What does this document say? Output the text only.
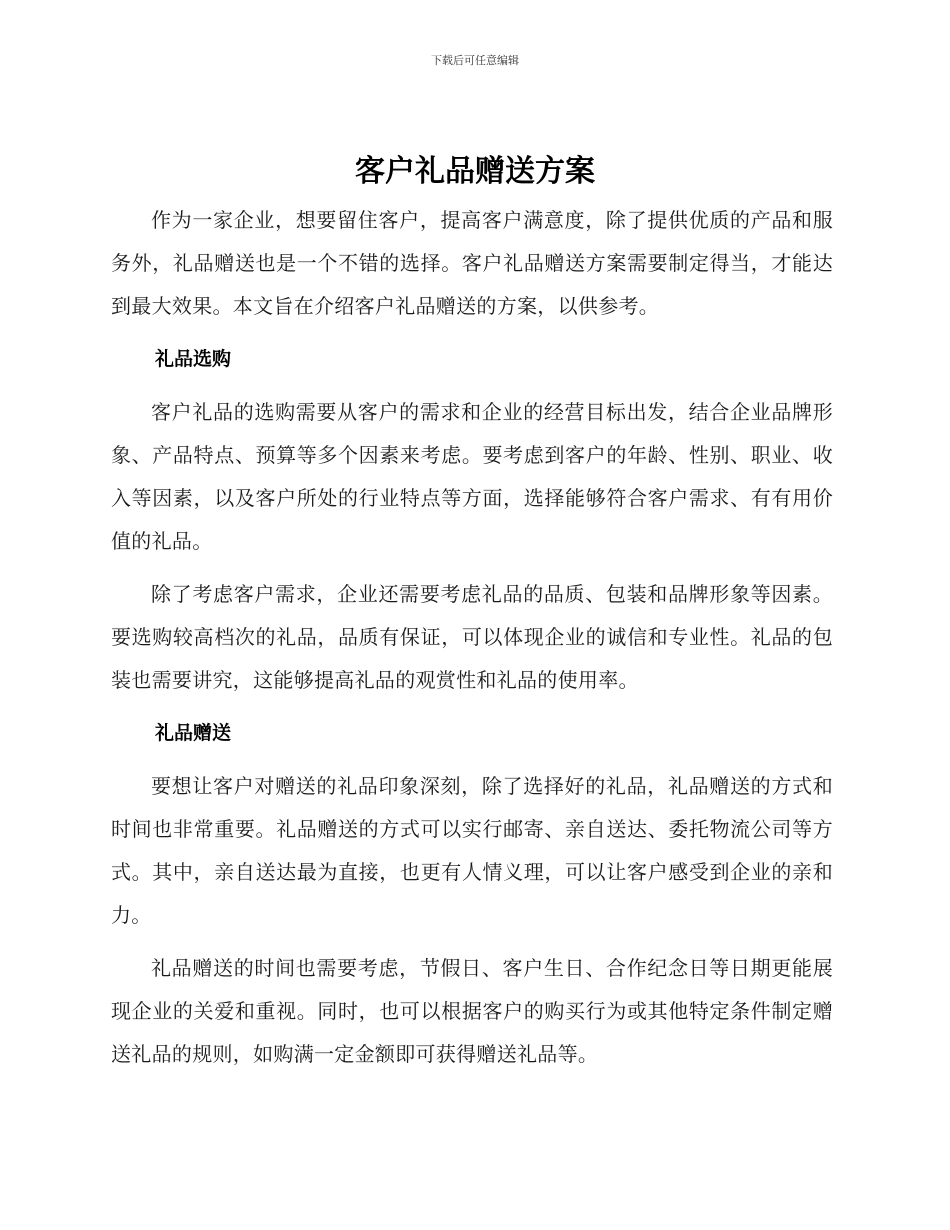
下载后可任意编辑
客户礼品赠送方案

作为一家企业，想要留住客户，提高客户满意度，除了提供优质的产品和服务外，礼品赠送也是一个不错的选择。客户礼品赠送方案需要制定得当，才能达到最大效果。本文旨在介绍客户礼品赠送的方案，以供参考。

礼品选购

客户礼品的选购需要从客户的需求和企业的经营目标出发，结合企业品牌形象、产品特点、预算等多个因素来考虑。要考虑到客户的年龄、性别、职业、收入等因素，以及客户所处的行业特点等方面，选择能够符合客户需求、有有用价值的礼品。

除了考虑客户需求，企业还需要考虑礼品的品质、包装和品牌形象等因素。要选购较高档次的礼品，品质有保证，可以体现企业的诚信和专业性。礼品的包装也需要讲究，这能够提高礼品的观赏性和礼品的使用率。

礼品赠送

要想让客户对赠送的礼品印象深刻，除了选择好的礼品，礼品赠送的方式和时间也非常重要。礼品赠送的方式可以实行邮寄、亲自送达、委托物流公司等方式。其中，亲自送达最为直接，也更有人情义理，可以让客户感受到企业的亲和力。

礼品赠送的时间也需要考虑，节假日、客户生日、合作纪念日等日期更能展现企业的关爱和重视。同时，也可以根据客户的购买行为或其他特定条件制定赠送礼品的规则，如购满一定金额即可获得赠送礼品等。
